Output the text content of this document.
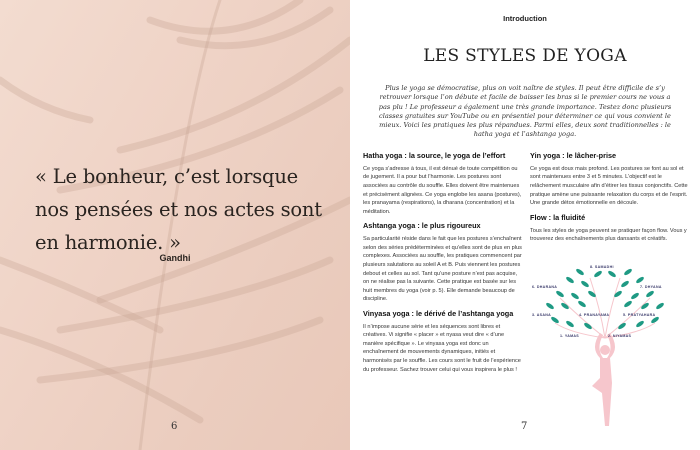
« Le bonheur, c’est lorsque nos pensées et nos actes sont en harmonie. »
Gandhi
6
Introduction
LES STYLES DE YOGA

Plus le yoga se démocratise, plus on voit naître de styles. Il peut être difficile de s’y retrouver lorsque l’on débute et facile de baisser les bras si le premier cours ne vous a pas plu ! Le professeur a également une très grande importance. Testez donc plusieurs classes gratuites sur YouTube ou en présentiel pour déterminer ce qui vous convient le mieux. Voici les pratiques les plus répandues. Parmi elles, deux sont traditionnelles : le hatha yoga et l’ashtanga yoga.

Hatha yoga : la source, le yoga de l’effort

Ce yoga s’adresse à tous, il est dénué de toute compétition ou de jugement. Il a pour but l’harmonie. Les postures sont associées au contrôle du souffle. Elles doivent être maintenues et précisément alignées. Ce yoga englobe les asana (postures), les pranayama (respirations), la dharana (concentration) et la méditation.

Ashtanga yoga : le plus rigoureux

Sa particularité réside dans le fait que les postures s’enchaînent selon des séries prédéterminées et qu’elles sont de plus en plus complexes. Associées au souffle, les pratiques commencent par plusieurs salutations au soleil A et B. Puis viennent les postures debout et celles au sol. Tant qu’une posture n’est pas acquise, on ne réalise pas la suivante. Cette pratique est basée sur les huit membres du yoga (voir p. 5). Elle demande beaucoup de discipline.

Vinyasa yoga : le dérivé de l’ashtanga yoga

Il n’impose aucune série et les séquences sont libres et créatives. Vi signifie « placer » et nyasa veut dire « d’une manière spécifique ». Le vinyasa yoga est donc un enchaînement de mouvements dynamiques, initiés et harmonisés par le souffle. Les cours sont le fruit de l’expérience du professeur. Sachez trouver celui qui vous inspirera le plus !

Yin yoga : le lâcher-prise

Ce yoga est doux mais profond. Les postures se font au sol et sont maintenues entre 3 et 5 minutes. L’objectif est le relâchement musculaire afin d’étirer les tissus conjonctifs. Cette pratique amène une puissante relaxation du corps et de l’esprit. Une grande détox émotionnelle en découle.

Flow : la fluidité

Tous les styles de yoga peuvent se pratiquer façon flow. Vous y trouverez des enchaînements plus dansants et créatifs.

8. SAMADHI
6. DHARANA	7. DHYANA
3. ASANA	4. PRANAYAMA	5. PRATYAHARA
1. YAMAS	2. NIYAMAS
7
